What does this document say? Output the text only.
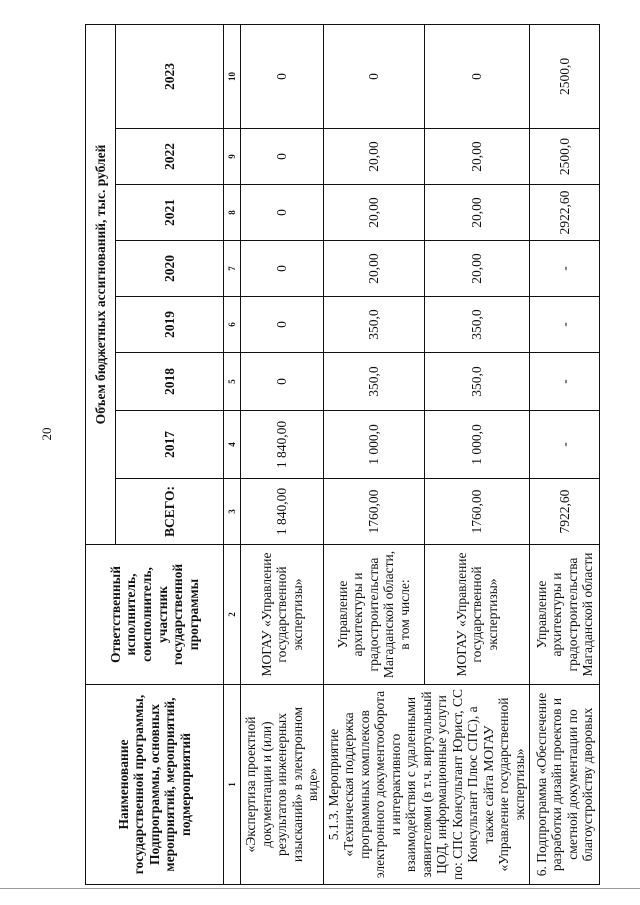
20
Наименование государственной программы, Подпрограммы, основных мероприятий, мероприятий, подмероприятий	Ответственный исполнитель, соисполнитель, участник государственной программы	Объем бюджетных ассигнований, тыс. рублей							
		ВСЕГО:	2017	2018	2019	2020	2021	2022	2023
1	2	3	4	5	6	7	8	9	10
«Экспертиза проектной документации и (или) результатов инженерных изысканий» в электронном виде»	МОГАУ «Управление государственной экспертизы»	1 840,00	1 840,00	0	0	0	0	0	0
5.1.3. Мероприятие «Техническая поддержка программных комплексов электронного документооборота и интерактивного взаимодействия с удаленными заявителями (в т.ч. виртуальный ЦОД, информационные услуги по: СПС Консультант Юрист, СС Консультант Плюс СПС), а также сайта МОГАУ «Управление государственной экспертизы»	Управление архитектуры и градостроительства Магаданской области, в том числе:	1760,00	1 000,0	350,0	350,0	20,00	20,00	20,00	0
	МОГАУ «Управление государственной экспертизы»	1760,00	1 000,0	350,0	350,0	20,00	20,00	20,00	0
6. Подпрограмма «Обеспечение разработки дизайн проектов и сметной документации по благоустройству дворовых	Управление архитектуры и градостроительства Магаданской области	7922,60	-	-	-	-	2922,60	2500,0	2500,0
